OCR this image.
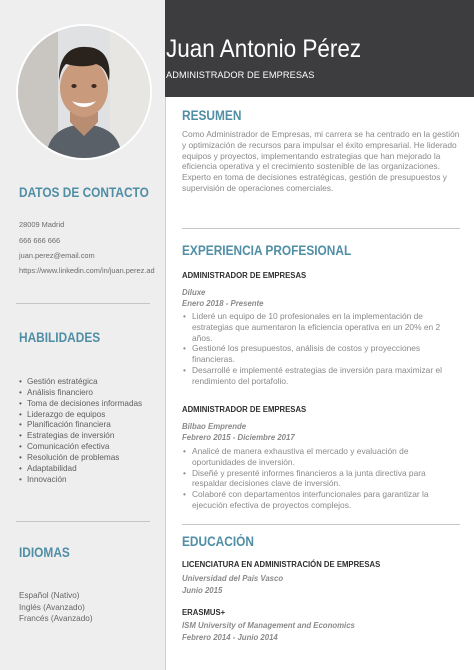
Juan Antonio Pérez
ADMINISTRADOR DE EMPRESAS
DATOS DE CONTACTO
28009 Madrid
666 666 666
juan.perez@email.com
https://www.linkedin.com/in/juan.perez.ad
HABILIDADES
• Gestión estratégica
• Análisis financiero
• Toma de decisiones informadas
• Liderazgo de equipos
• Planificación financiera
• Estrategias de inversión
• Comunicación efectiva
• Resolución de problemas
• Adaptabilidad
• Innovación
IDIOMAS
Español (Nativo)
Inglés (Avanzado)
Francés (Avanzado)
RESUMEN
Como Administrador de Empresas, mi carrera se ha centrado en la gestión y optimización de recursos para impulsar el éxito empresarial. He liderado equipos y proyectos, implementando estrategias que han mejorado la eficiencia operativa y el crecimiento sostenible de las organizaciones. Experto en toma de decisiones estratégicas, gestión de presupuestos y supervisión de operaciones comerciales.
EXPERIENCIA PROFESIONAL
ADMINISTRADOR DE EMPRESAS
Diluxe
Enero 2018 - Presente
• Lideré un equipo de 10 profesionales en la implementación de estrategias que aumentaron la eficiencia operativa en un 20% en 2 años.
• Gestioné los presupuestos, análisis de costos y proyecciones financieras.
• Desarrollé e implementé estrategias de inversión para maximizar el rendimiento del portafolio.
ADMINISTRADOR DE EMPRESAS
Bilbao Emprende
Febrero 2015 - Diciembre 2017
• Analicé de manera exhaustiva el mercado y evaluación de oportunidades de inversión.
• Diseñé y presenté informes financieros a la junta directiva para respaldar decisiones clave de inversión.
• Colaboré con departamentos interfuncionales para garantizar la ejecución efectiva de proyectos complejos.
EDUCACIÓN
LICENCIATURA EN ADMINISTRACIÓN DE EMPRESAS
Universidad del País Vasco
Junio 2015
ERASMUS+
ISM University of Management and Economics
Febrero 2014 - Junio 2014
